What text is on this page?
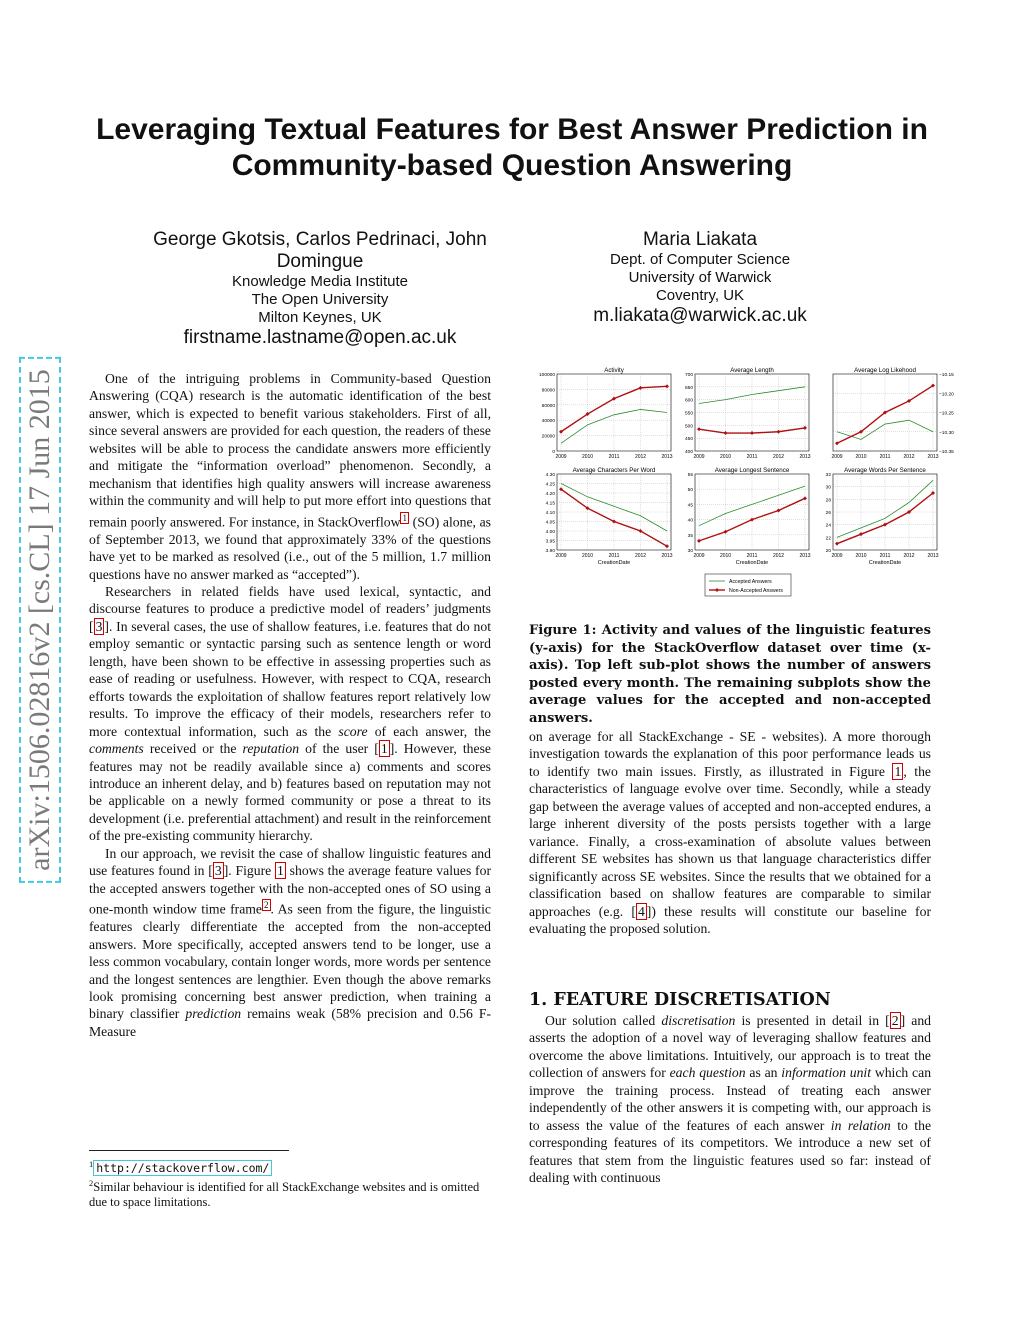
arXiv:1506.02816v2 [cs.CL] 17 Jun 2015
Leveraging Textual Features for Best Answer Prediction in Community-based Question Answering
George Gkotsis, Carlos Pedrinaci, John Domingue
Knowledge Media Institute
The Open University
Milton Keynes, UK
firstname.lastname@open.ac.uk
Maria Liakata
Dept. of Computer Science
University of Warwick
Coventry, UK
m.liakata@warwick.ac.uk

One of the intriguing problems in Community-based Question Answering (CQA) research is the automatic identification of the best answer, which is expected to benefit various stakeholders. First of all, since several answers are provided for each question, the readers of these websites will be able to process the candidate answers more efficiently and mitigate the “information overload” phenomenon. Secondly, a mechanism that identifies high quality answers will increase awareness within the community and will help to put more effort into questions that remain poorly answered. For instance, in StackOverflow $^1$ (SO) alone, as of September 2013, we found that approximately 33% of the questions have yet to be marked as resolved (i.e., out of the 5 million, 1.7 million questions have no answer marked as “accepted”).

Researchers in related fields have used lexical, syntactic, and discourse features to produce a predictive model of readers’ judgments [ 3 ]. In several cases, the use of shallow features, i.e. features that do not employ semantic or syntactic parsing such as sentence length or word length, have been shown to be effective in assessing properties such as ease of reading or usefulness. However, with respect to CQA, research efforts towards the exploitation of shallow features report relatively low results. To improve the efficacy of their models, researchers refer to more contextual information, such as the score of each answer, the comments received or the reputation of the user [ 1 ]. However, these features may not be readily available since a) comments and scores introduce an inherent delay, and b) features based on reputation may not be applicable on a newly formed community or pose a threat to its development (i.e. preferential attachment) and result in the reinforcement of the pre-existing community hierarchy.

In our approach, we revisit the case of shallow linguistic features and use features found in [ 3 ]. Figure 1 shows the average feature values for the accepted answers together with the non-accepted ones of SO using a one-month window time frame $^2$ . As seen from the figure, the linguistic features clearly differentiate the accepted from the non-accepted answers. More specifically, accepted answers tend to be longer, use a less common vocabulary, contain longer words, more words per sentence and the longest sentences are lengthier. Even though the above remarks look promising concerning best answer prediction, when training a binary classifier prediction remains weak (58% precision and 0.56 F-Measure

$^1$ http://stackoverflow.com/
$^2$Similar behaviour is identified for all StackExchange websites and is omitted due to space limitations.
Activity
0
20000
40000
60000
80000
100000
2009	2010	2011	2012	2013
Average Length
400
450
500
550
600
650
700
2009	2010	2011	2012	2013
Average Log Likehood
−10.35
−10.30
−10.25
−10.20
−10.15
2009	2010	2011	2012	2013
Average Characters Per Word
3.90
3.95
4.00
4.05
4.10
4.15
4.20
4.25
4.30
2009	2010	2011	2012	2013
CreationDate
Average Longest Sentence
30
35
40
45
50
55
2009	2010	2011	2012	2013
CreationDate
Average Words Per Sentence
20
22
24
26
28
30
32
2009	2010	2011	2012	2013
CreationDate
Accepted Answers
Non-Accepted Answers

Figure 1: Activity and values of the linguistic features (y-axis) for the StackOverflow dataset over time (x-axis). Top left sub-plot shows the number of answers posted every month. The remaining subplots show the average values for the accepted and non-accepted answers.

on average for all StackExchange - SE - websites). A more thorough investigation towards the explanation of this poor performance leads us to identify two main issues. Firstly, as illustrated in Figure 1 , the characteristics of language evolve over time. Secondly, while a steady gap between the average values of accepted and non-accepted endures, a large inherent diversity of the posts persists together with a large variance. Finally, a cross-examination of absolute values between different SE websites has shown us that language characteristics differ significantly across SE websites. Since the results that we obtained for a classification based on shallow features are comparable to similar approaches (e.g. [ 4 ]) these results will constitute our baseline for evaluating the proposed solution.

1. FEATURE DISCRETISATION

Our solution called discretisation is presented in detail in [ 2 ] and asserts the adoption of a novel way of leveraging shallow features and overcome the above limitations. Intuitively, our approach is to treat the collection of answers for each question as an information unit which can improve the training process. Instead of treating each answer independently of the other answers it is competing with, our approach is to assess the value of the features of each answer in relation to the corresponding features of its competitors. We introduce a new set of features that stem from the linguistic features used so far: instead of dealing with continuous
